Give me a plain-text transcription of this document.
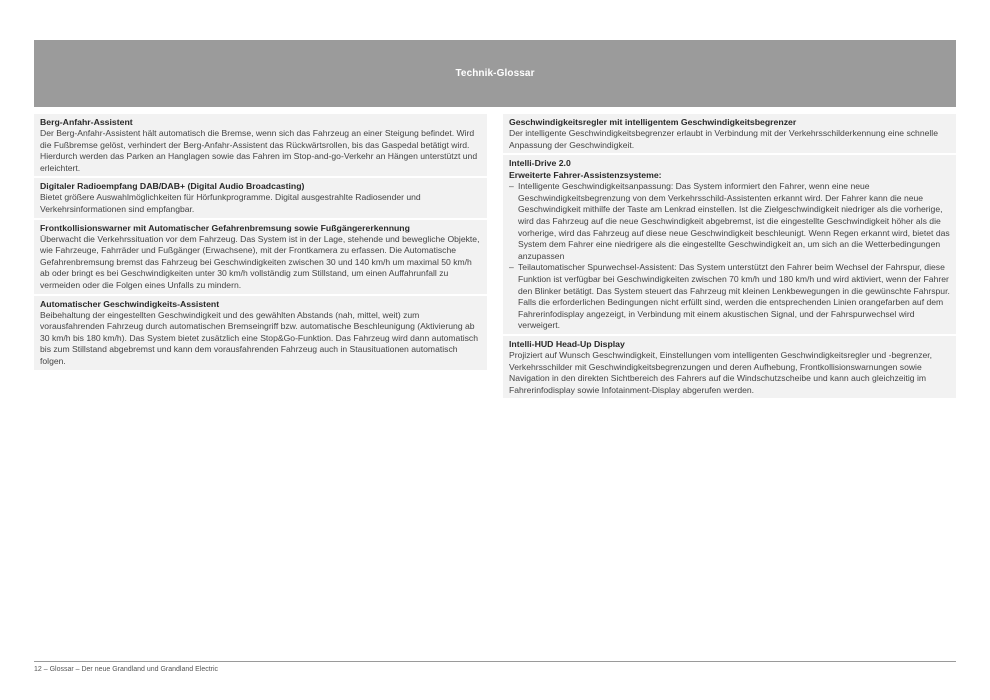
Technik-Glossar
Berg-Anfahr-Assistent
Der Berg-Anfahr-Assistent hält automatisch die Bremse, wenn sich das Fahrzeug an einer Steigung befindet. Wird die Fußbremse gelöst, verhindert der Berg-Anfahr-Assistent das Rückwärtsrollen, bis das Gaspedal betätigt wird. Hierdurch werden das Parken an Hanglagen sowie das Fahren im Stop-and-go-Verkehr an Hängen unterstützt und erleichtert.
Digitaler Radioempfang DAB/DAB+ (Digital Audio Broadcasting)
Bietet größere Auswahlmöglichkeiten für Hörfunkprogramme. Digital ausgestrahlte Radiosender und Verkehrsinformationen sind empfangbar.
Frontkollisionswarner mit Automatischer Gefahrenbremsung sowie Fußgängererkennung
Überwacht die Verkehrssituation vor dem Fahrzeug. Das System ist in der Lage, stehende und bewegliche Objekte, wie Fahrzeuge, Fahrräder und Fußgänger (Erwachsene), mit der Frontkamera zu erfassen. Die Automatische Gefahrenbremsung bremst das Fahrzeug bei Geschwindigkeiten zwischen 30 und 140 km/h um maximal 50 km/h ab oder bringt es bei Geschwindigkeiten unter 30 km/h vollständig zum Stillstand, um einen Auffahrunfall zu vermeiden oder die Folgen eines Unfalls zu mindern.
Automatischer Geschwindigkeits-Assistent
Beibehaltung der eingestellten Geschwindigkeit und des gewählten Abstands (nah, mittel, weit) zum vorausfahrenden Fahrzeug durch automatischen Bremseingriff bzw. automatische Beschleunigung (Aktivierung ab 30 km/h bis 180 km/h). Das System bietet zusätzlich eine Stop&Go-Funktion. Das Fahrzeug wird dann automatisch bis zum Stillstand abgebremst und kann dem vorausfahrenden Fahrzeug auch in Stausituationen automatisch folgen.
Geschwindigkeitsregler mit intelligentem Geschwindigkeitsbegrenzer
Der intelligente Geschwindigkeitsbegrenzer erlaubt in Verbindung mit der Verkehrsschilderkennung eine schnelle Anpassung der Geschwindigkeit.
Intelli-Drive 2.0
Erweiterte Fahrer-Assistenzsysteme:
– Intelligente Geschwindigkeitsanpassung: Das System informiert den Fahrer, wenn eine neue Geschwindigkeitsbegrenzung von dem Verkehrsschild-Assistenten erkannt wird. Der Fahrer kann die neue Geschwindigkeit mithilfe der Taste am Lenkrad einstellen. Ist die Zielgeschwindigkeit niedriger als die vorherige, wird das Fahrzeug auf die neue Geschwindigkeit abgebremst, ist die eingestellte Geschwindigkeit höher als die vorherige, wird das Fahrzeug auf diese neue Geschwindigkeit beschleunigt. Wenn Regen erkannt wird, bietet das System dem Fahrer eine niedrigere als die eingestellte Geschwindigkeit an, um sich an die Wetterbedingungen anzupassen
– Teilautomatischer Spurwechsel-Assistent: Das System unterstützt den Fahrer beim Wechsel der Fahrspur, diese Funktion ist verfügbar bei Geschwindigkeiten zwischen 70 km/h und 180 km/h und wird aktiviert, wenn der Fahrer den Blinker betätigt. Das System steuert das Fahrzeug mit kleinen Lenkbewegungen in die gewünschte Fahrspur. Falls die erforderlichen Bedingungen nicht erfüllt sind, werden die entsprechenden Linien orangefarben auf dem Fahrerinfodisplay angezeigt, in Verbindung mit einem akustischen Signal, und der Fahrspurwechsel wird verweigert.
Intelli-HUD Head-Up Display
Projiziert auf Wunsch Geschwindigkeit, Einstellungen vom intelligenten Geschwindigkeitsregler und -begrenzer, Verkehrsschilder mit Geschwindigkeitsbegrenzungen und deren Aufhebung, Frontkollisionswarnungen sowie Navigation in den direkten Sichtbereich des Fahrers auf die Windschutzscheibe und kann auch gleichzeitig im Fahrerinfodisplay sowie Infotainment-Display abgerufen werden.
12 – Glossar – Der neue Grandland und Grandland Electric
